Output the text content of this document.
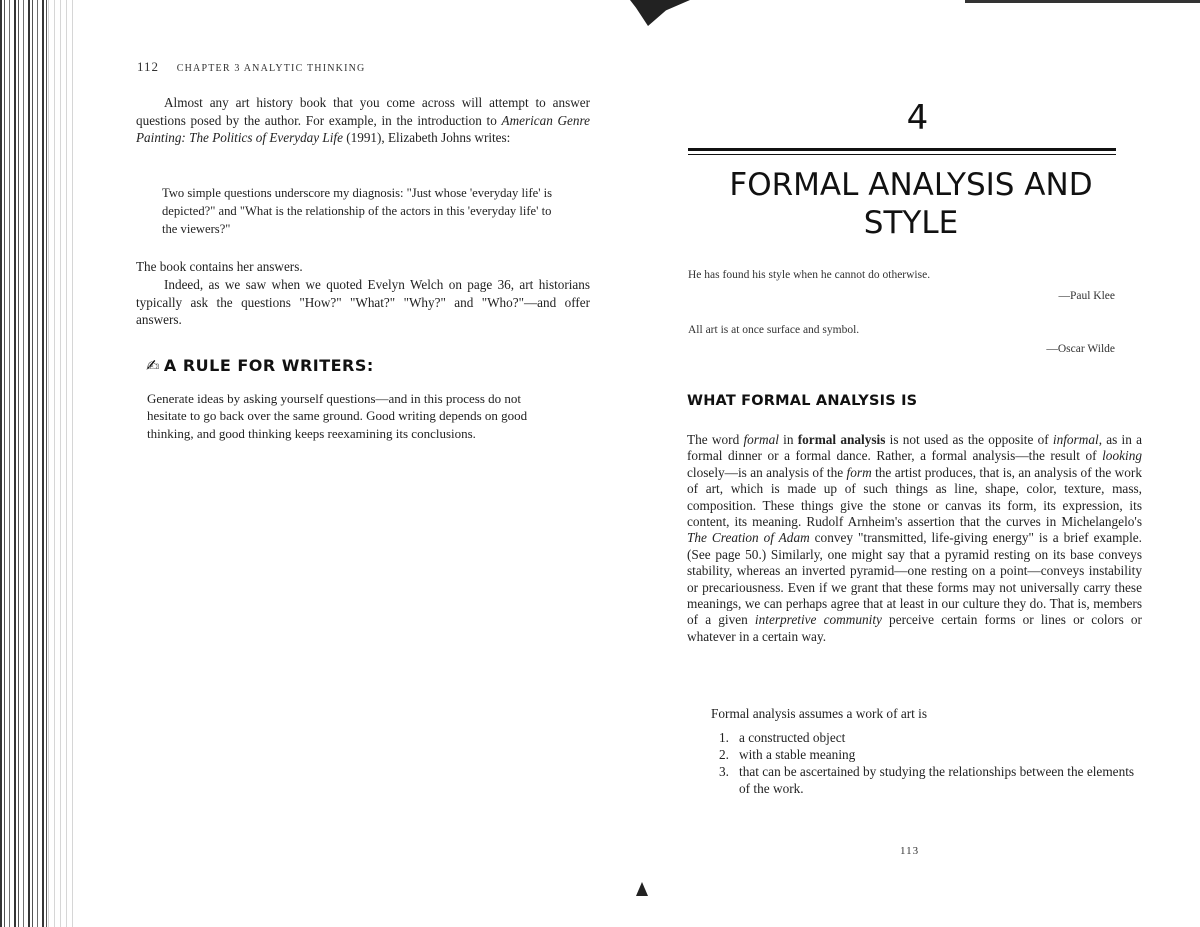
112 CHAPTER 3 ANALYTIC THINKING

Almost any art history book that you come across will attempt to answer questions posed by the author. For example, in the introduction to American Genre Painting: The Politics of Everyday Life (1991), Elizabeth Johns writes:

Two simple questions underscore my diagnosis: "Just whose 'everyday life' is depicted?" and "What is the relationship of the actors in this 'everyday life' to the viewers?"

The book contains her answers.

Indeed, as we saw when we quoted Evelyn Welch on page 36, art historians typically ask the questions "How?" "What?" "Why?" and "Who?"—and offer answers.

✍ A RULE FOR WRITERS:

Generate ideas by asking yourself questions—and in this process do not hesitate to go back over the same ground. Good writing depends on good thinking, and good thinking keeps reexamining its conclusions.

4
FORMAL ANALYSIS AND STYLE
He has found his style when he cannot do otherwise.
—Paul Klee
All art is at once surface and symbol.
—Oscar Wilde
WHAT FORMAL ANALYSIS IS

The word formal in formal analysis is not used as the opposite of informal, as in a formal dinner or a formal dance. Rather, a formal analysis—the result of looking closely—is an analysis of the form the artist produces, that is, an analysis of the work of art, which is made up of such things as line, shape, color, texture, mass, composition. These things give the stone or canvas its form, its expression, its content, its meaning. Rudolf Arnheim's assertion that the curves in Michelangelo's The Creation of Adam convey "transmitted, life-giving energy" is a brief example. (See page 50.) Similarly, one might say that a pyramid resting on its base conveys stability, whereas an inverted pyramid—one resting on a point—conveys instability or precariousness. Even if we grant that these forms may not universally carry these meanings, we can perhaps agree that at least in our culture they do. That is, members of a given interpretive community perceive certain forms or lines or colors or whatever in a certain way.

Formal analysis assumes a work of art is

1. a constructed object
2. with a stable meaning
3. that can be ascertained by studying the relationships between the elements of the work.
113
